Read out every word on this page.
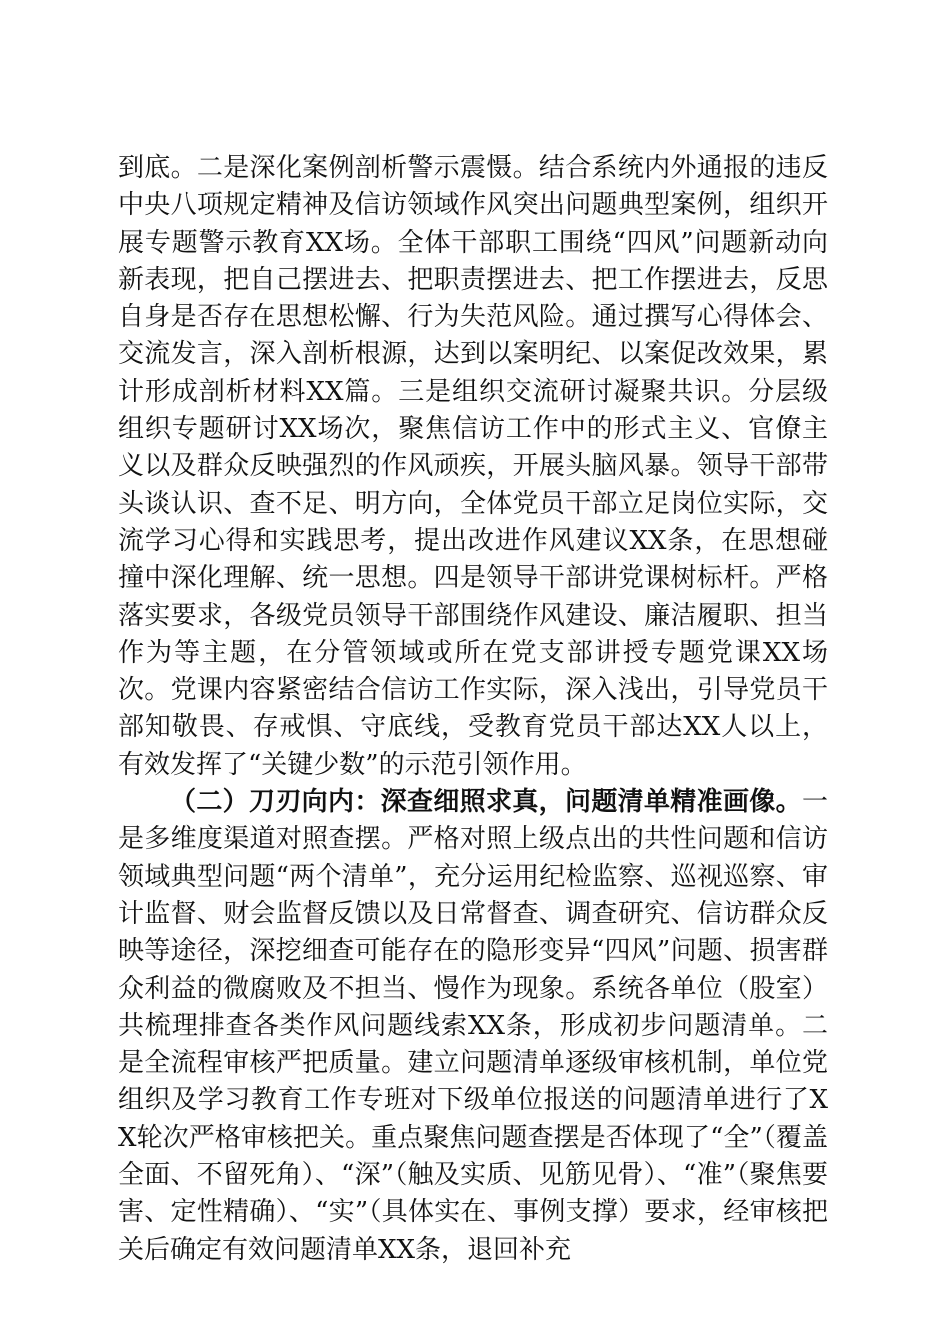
到底。二是深化案例剖析警示震慑。结合系统内外通报的违反中央八项规定精神及信访领域作风突出问题典型案例，组织开展专题警示教育XX场。全体干部职工围绕“四风”问题新动向新表现，把自己摆进去、把职责摆进去、把工作摆进去，反思自身是否存在思想松懈、行为失范风险。通过撰写心得体会、交流发言，深入剖析根源，达到以案明纪、以案促改效果，累计形成剖析材料XX篇。三是组织交流研讨凝聚共识。分层级组织专题研讨XX场次，聚焦信访工作中的形式主义、官僚主义以及群众反映强烈的作风顽疾，开展头脑风暴。领导干部带头谈认识、查不足、明方向，全体党员干部立足岗位实际，交流学习心得和实践思考，提出改进作风建议XX条，在思想碰撞中深化理解、统一思想。四是领导干部讲党课树标杆。严格落实要求，各级党员领导干部围绕作风建设、廉洁履职、担当作为等主题，在分管领域或所在党支部讲授专题党课XX场次。党课内容紧密结合信访工作实际，深入浅出，引导党员干部知敬畏、存戒惧、守底线，受教育党员干部达XX人以上，有效发挥了“关键少数”的示范引领作用。

（二）刀刃向内：深查细照求真，问题清单精准画像。一是多维度渠道对照查摆。严格对照上级点出的共性问题和信访领域典型问题“两个清单”，充分运用纪检监察、巡视巡察、审计监督、财会监督反馈以及日常督查、调查研究、信访群众反映等途径，深挖细查可能存在的隐形变异“四风”问题、损害群众利益的微腐败及不担当、慢作为现象。系统各单位（股室）共梳理排查各类作风问题线索XX条，形成初步问题清单。二是全流程审核严把质量。建立问题清单逐级审核机制，单位党组织及学习教育工作专班对下级单位报送的问题清单进行了XX轮次严格审核把关。重点聚焦问题查摆是否体现了“全”（覆盖全面、不留死角）、“深”（触及实质、见筋见骨）、“准”（聚焦要害、定性精确）、“实”（具体实在、事例支撑）要求，经审核把关后确定有效问题清单XX条，退回补充
